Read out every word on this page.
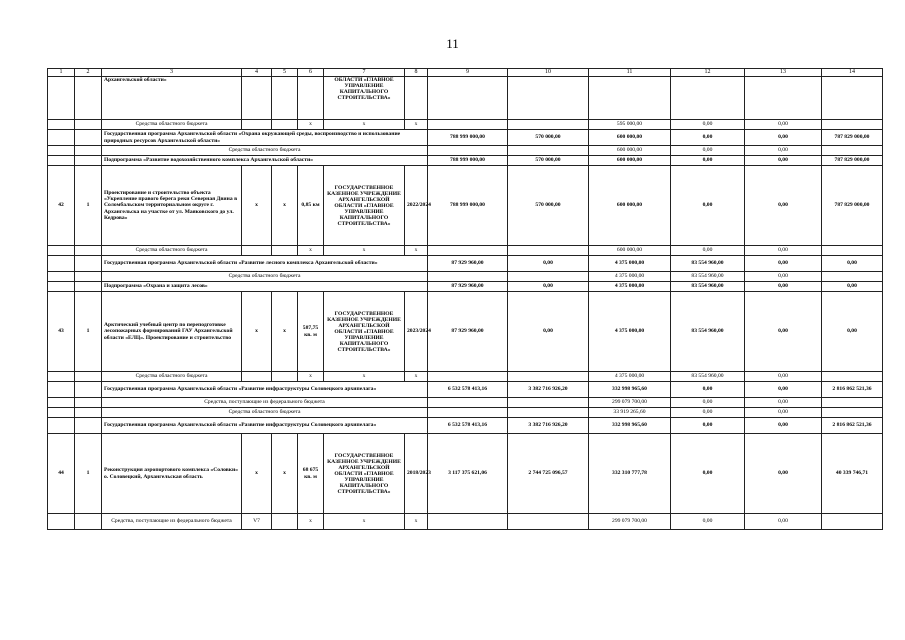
11
1	2	3	4	5	6	7	8	9	10	11	12	13	14
		Архангельской области»				ОБЛАСТИ «ГЛАВНОЕ УПРАВЛЕНИЕ КАПИТАЛЬНОГО СТРОИТЕЛЬСТВА»							
		Средства областного бюджета			х	х	х			595 000,00	0,00	0,00	
		Государственная программа Архангельской области «Охрана окружающей среды, воспроизводство и использование природных ресурсов Архангельской области»						788 999 000,00	570 000,00	600 000,00	0,00	0,00	787 829 000,00
		Средства областного бюджета								600 000,00	0,00	0,00	
		Подпрограмма «Развитие водохозяйственного комплекса Архангельской области»						788 999 000,00	570 000,00	600 000,00	0,00	0,00	787 829 000,00
42	1	Проектирование и строительство объекта «Укрепление правого берега реки Северная Двина в Соломбальском территориальном округе г. Архангельска на участке от ул. Маяковского до ул. Кедрова»	х	х	0,85 км	ГОСУДАРСТВЕННОЕ КАЗЕННОЕ УЧРЕЖДЕНИЕ АРХАНГЕЛЬСКОЙ ОБЛАСТИ «ГЛАВНОЕ УПРАВЛЕНИЕ КАПИТАЛЬНОГО СТРОИТЕЛЬСТВА»	2022/2024	788 999 000,00	570 000,00	600 000,00	0,00	0,00	787 829 000,00
		Средства областного бюджета			х	х	х			600 000,00	0,00	0,00	
		Государственная программа Архангельской области «Развитие лесного комплекса Архангельской области»						87 929 960,00	0,00	4 375 000,00	83 554 960,00	0,00	0,00
		Средства областного бюджета								4 375 000,00	83 554 960,00	0,00	
		Подпрограмма «Охрана и защита лесов»						87 929 960,00	0,00	4 375 000,00	83 554 960,00	0,00	0,00
43	1	Арктический учебный центр по переподготовке лесопожарных формирований ГАУ Архангельской области «ЕЛЦ». Проектирование и строительство	х	х	587,75 кв. м	ГОСУДАРСТВЕННОЕ КАЗЕННОЕ УЧРЕЖДЕНИЕ АРХАНГЕЛЬСКОЙ ОБЛАСТИ «ГЛАВНОЕ УПРАВЛЕНИЕ КАПИТАЛЬНОГО СТРОИТЕЛЬСТВА»	2023/2024	87 929 960,00	0,00	4 375 000,00	83 554 960,00	0,00	0,00
		Средства областного бюджета			х	х	х			4 375 000,00	83 554 960,00	0,00	
		Государственная программа Архангельской области «Развитие инфраструктуры Соловецкого архипелага»						6 532 578 413,16	3 382 716 926,20	332 998 965,60	0,00	0,00	2 816 862 521,36
		Средства, поступающие из федерального бюджета								299 079 700,00	0,00	0,00	
		Средства областного бюджета								33 919 265,60	0,00	0,00	
		Государственная программа Архангельской области «Развитие инфраструктуры Соловецкого архипелага»						6 532 578 413,16	3 382 716 926,20	332 998 965,60	0,00	0,00	2 816 862 521,36
44	1	Реконструкция аэропортового комплекса «Соловки» о. Соловецкий, Архангельская область	х	х	68 675 кв. м	ГОСУДАРСТВЕННОЕ КАЗЕННОЕ УЧРЕЖДЕНИЕ АРХАНГЕЛЬСКОЙ ОБЛАСТИ «ГЛАВНОЕ УПРАВЛЕНИЕ КАПИТАЛЬНОГО СТРОИТЕЛЬСТВА»	2018/2023	3 117 375 621,06	2 744 725 096,57	332 310 777,78	0,00	0,00	40 339 746,71
		Средства, поступающие из федерального бюджета	V7		х	х	х			299 079 700,00	0,00	0,00	
